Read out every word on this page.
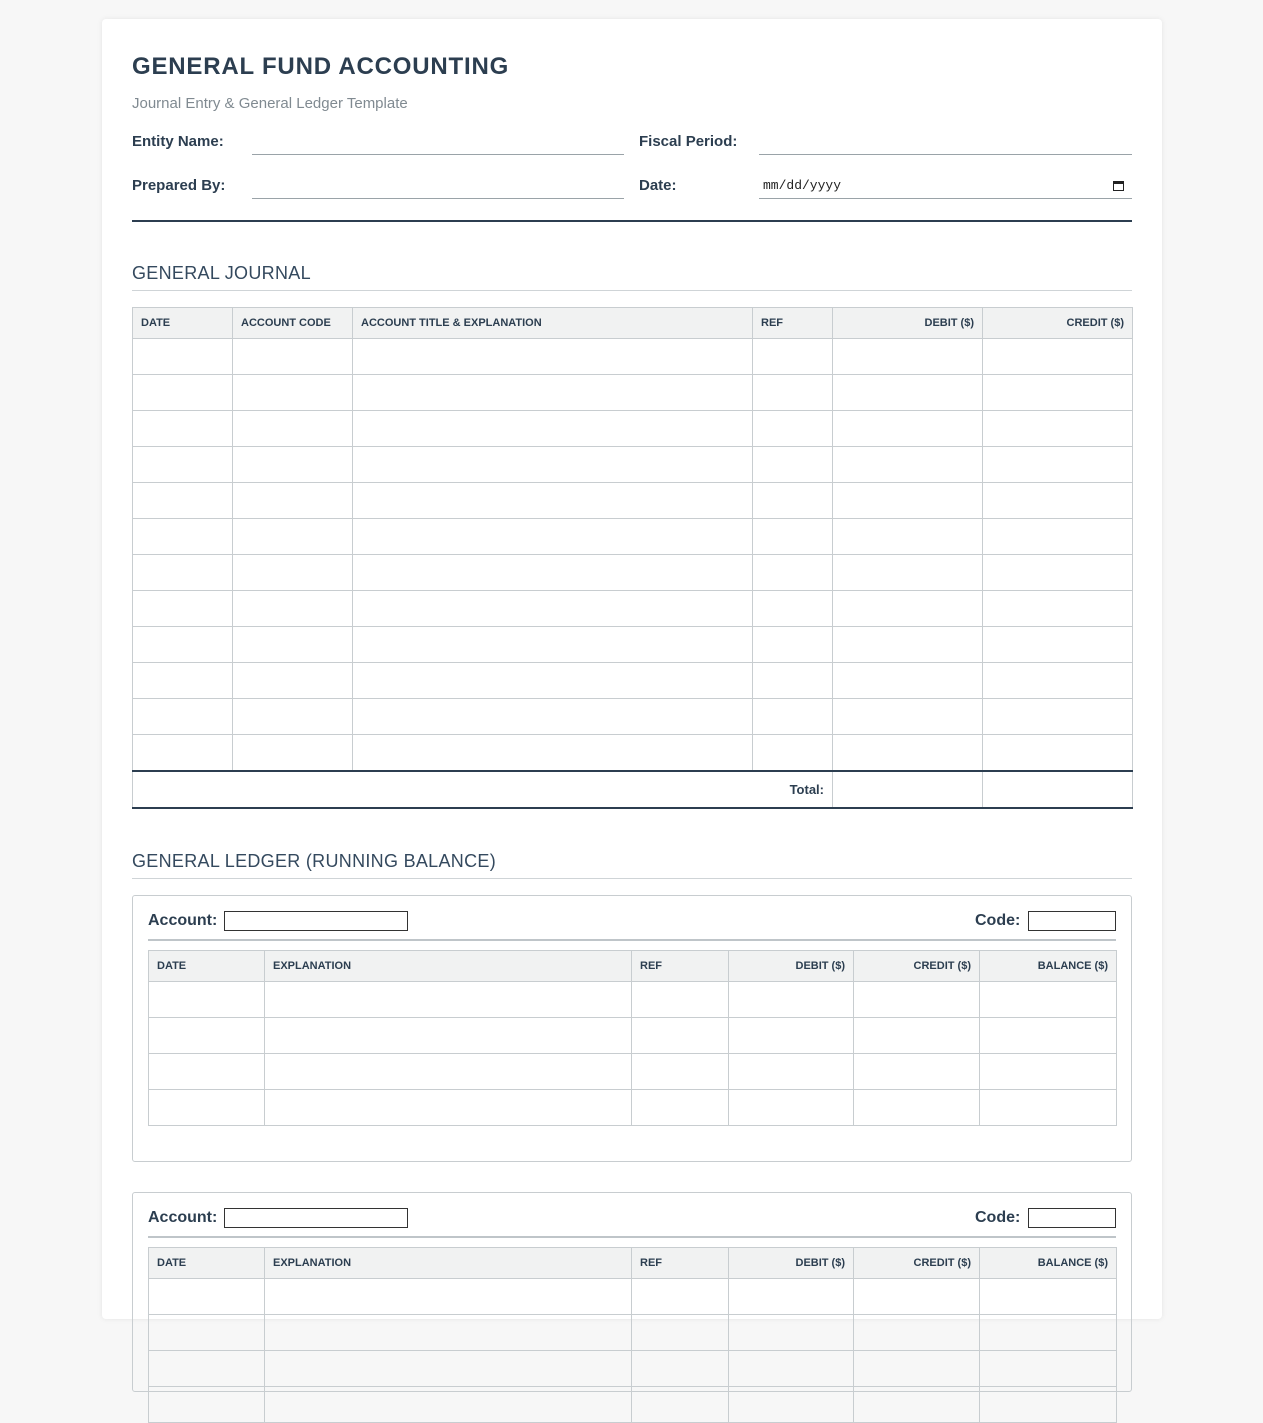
GENERAL FUND ACCOUNTING
Journal Entry & General Ledger Template
Entity Name:	Fiscal Period:
Prepared By:	Date:	mm/dd/yyyy
GENERAL JOURNAL
DATE	ACCOUNT CODE	ACCOUNT TITLE & EXPLANATION	REF	DEBIT ($)	CREDIT ($)

Total:					
GENERAL LEDGER (RUNNING BALANCE)
Account:	Code:
DATE	EXPLANATION	REF	DEBIT ($)	CREDIT ($)	BALANCE ($)

Account:	Code:
DATE	EXPLANATION	REF	DEBIT ($)	CREDIT ($)	BALANCE ($)
